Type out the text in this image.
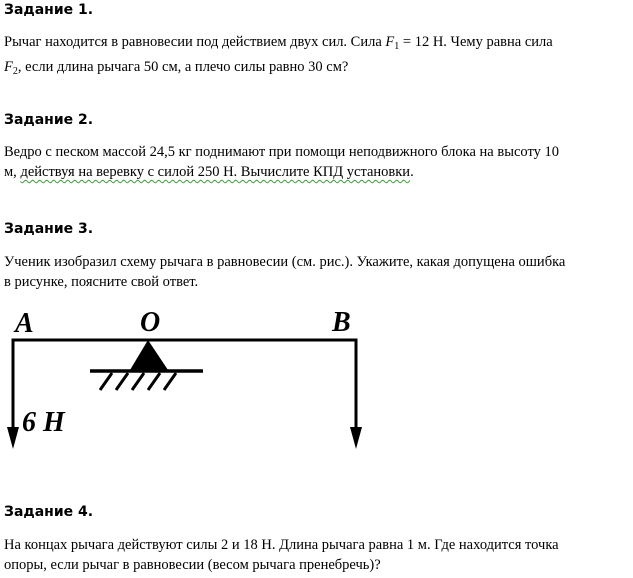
Задание 1.
Рычаг находится в равновесии под действием двух сил. Сила $F_1 = 12$ Н. Чему равна сила
$F_2$, если длина рычага 50 см, а плечо силы равно 30 см?
Задание 2.
Ведро с песком массой 24,5 кг поднимают при помощи неподвижного блока на высоту 10
м, действуя на веревку с силой 250 Н. Вычислите КПД установки.
Задание 3.
Ученик изобразил схему рычага в равновесии (см. рис.). Укажите, какая допущена ошибка
в рисунке, поясните свой ответ.
A	O	B
6 Н
Задание 4.
На концах рычага действуют силы 2 и 18 Н. Длина рычага равна 1 м. Где находится точка
опоры, если рычаг в равновесии (весом рычага пренебречь)?
